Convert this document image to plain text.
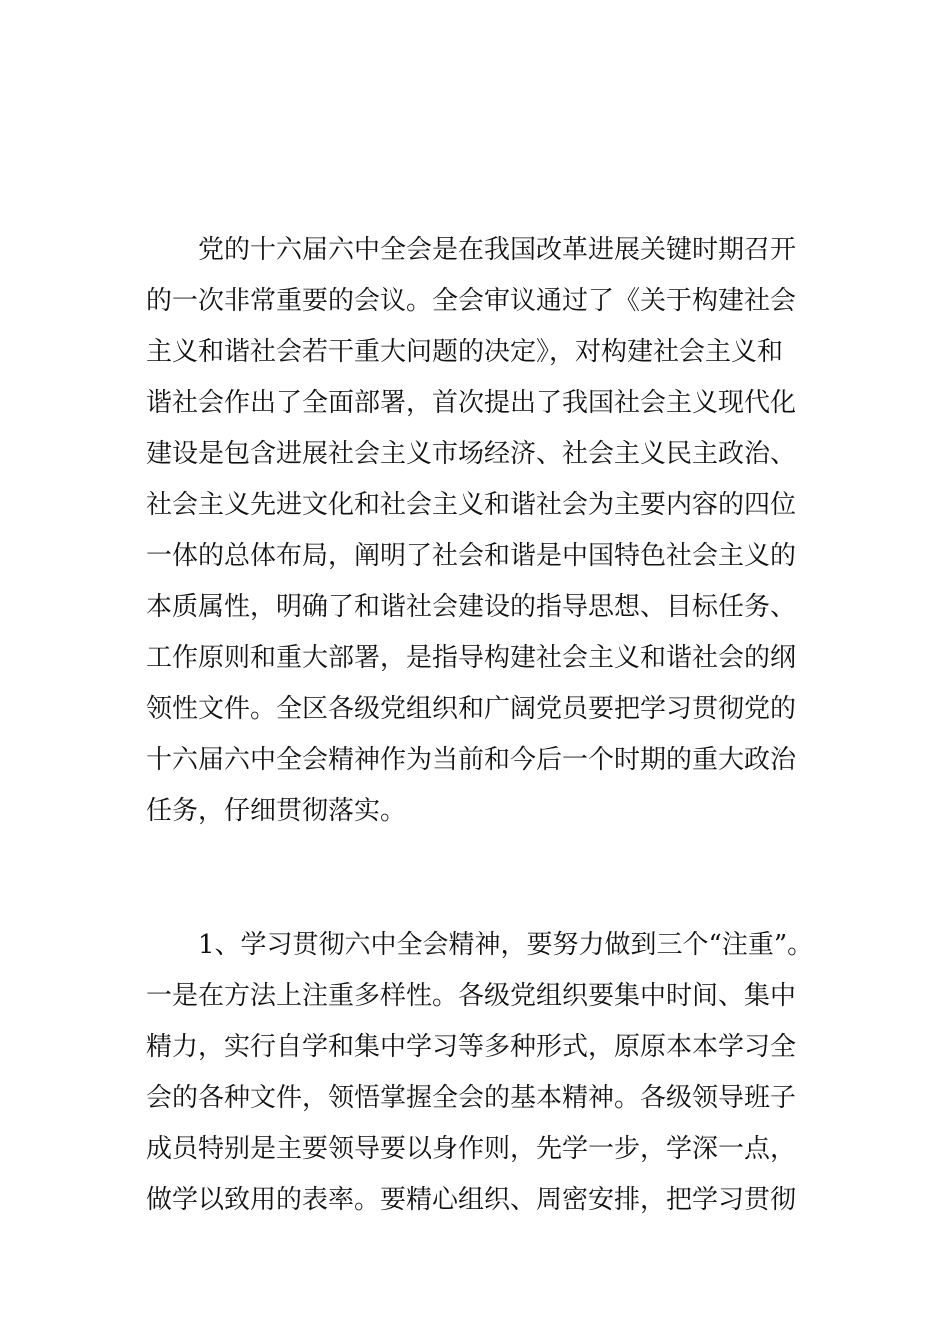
党的十六届六中全会是在我国改革进展关键时期召开
的一次非常重要的会议。全会审议通过了《关于构建社会
主义和谐社会若干重大问题的决定》，对构建社会主义和
谐社会作出了全面部署，首次提出了我国社会主义现代化
建设是包含进展社会主义市场经济、社会主义民主政治、
社会主义先进文化和社会主义和谐社会为主要内容的四位
一体的总体布局，阐明了社会和谐是中国特色社会主义的
本质属性，明确了和谐社会建设的指导思想、目标任务、
工作原则和重大部署，是指导构建社会主义和谐社会的纲
领性文件。全区各级党组织和广阔党员要把学习贯彻党的
十六届六中全会精神作为当前和今后一个时期的重大政治
任务，仔细贯彻落实。
1、学习贯彻六中全会精神，要努力做到三个“注重”。
一是在方法上注重多样性。各级党组织要集中时间、集中
精力，实行自学和集中学习等多种形式，原原本本学习全
会的各种文件，领悟掌握全会的基本精神。各级领导班子
成员特别是主要领导要以身作则，先学一步，学深一点，
做学以致用的表率。要精心组织、周密安排，把学习贯彻
